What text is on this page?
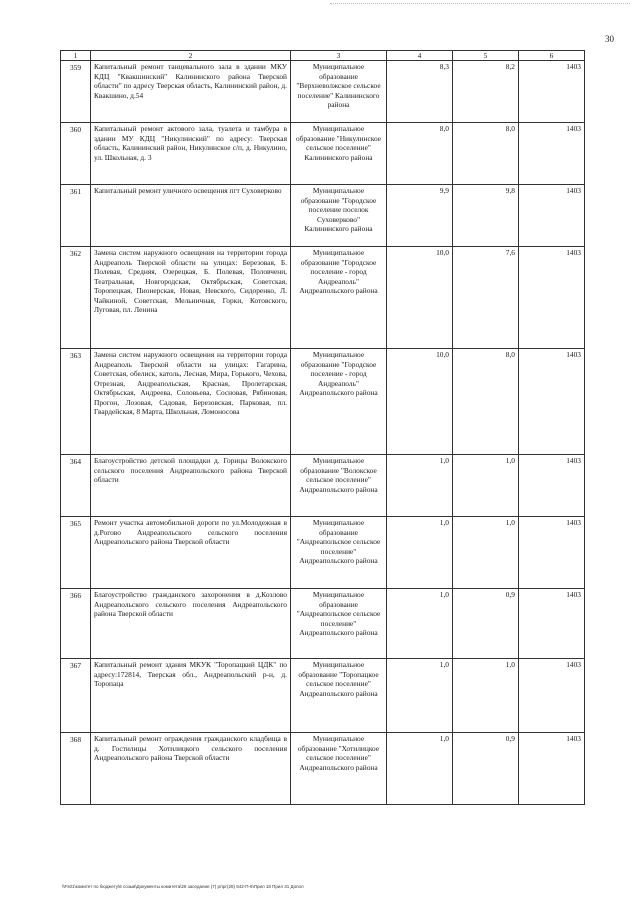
30
1	2	3	4	5	6
359	Капитальный ремонт танцевального зала в здании МКУ КДЦ "Квакшинский" Калининского района Тверской области" по адресу Тверская область, Калининский район, д. Квакшино, д.54	Муниципальное образование "Верхневолжское сельское поселение" Калининского района	8,3	8,2	1403
360	Капитальный ремонт актового зала, туалета и тамбура в здании МУ КДЦ "Никулинский" по адресу: Тверская область, Калининский район, Никулинское с/п, д. Никулино, ул. Школьная, д. 3	Муниципальное образование "Никулинское сельское поселение" Калининского района	8,0	8,0	1403
361	Капитальный ремонт уличного освещения пгт Суховерково	Муниципальное образование "Городское поселение поселок Суховерково" Калининского района	9,9	9,8	1403
362	Замена систем наружного освещения на территории города Андреаполь Тверской области на улицах: Березовая, Б. Полевая, Средняя, Озерецкая, Б. Полевая, Половчени, Театральная, Новгородская, Октябрьская, Советская, Торопецкая, Пионерская, Новая, Невского, Сидоренко, Л. Чайкиной, Советская, Мельничная, Горки, Котовского, Луговая, пл. Ленина	Муниципальное образование "Городское поселение - город Андреаполь" Андреапольского района	10,0	7,6	1403
363	Замена систем наружного освещения на территории города Андреаполь Тверской области на улицах: Гагарина, Советская, обелиск, католь, Лесная, Мира, Горького, Чехова, Отрезная, Андреапольская, Красная, Пролетарская, Октябрьская, Андреева, Соловьева, Сосновая, Рябиновая, Прогон, Лозовая, Садовая, Березовская, Парковая, пл. Гвардейская, 8 Марта, Школьная, Ломоносова	Муниципальное образование "Городское поселение - город Андреаполь" Андреапольского района	10,0	8,0	1403
364	Благоустройство детской площадки д. Горицы Волокского сельского поселения Андреапольского района Тверской области	Муниципальное образование "Волокское сельское поселение" Андреапольского района	1,0	1,0	1403
365	Ремонт участка автомобильной дороги по ул.Молодежная в д.Рогово Андреапольского сельского поселения Андреапольского района Тверской области	Муниципальное образование "Андреапольское сельское поселение" Андреапольского района	1,0	1,0	1403
366	Благоустройство гражданского захоронения в д.Козлово Андреапольского сельского поселения Андреапольского района Тверской области	Муниципальное образование "Андреапольское сельское поселение" Андреапольского района	1,0	0,9	1403
367	Капитальный ремонт здания МКУК "Торопацкий ЦДК" по адресу:172814, Тверская обл., Андреапольский р-н, д. Торопаца	Муниципальное образование "Торопацкое сельское поселение" Андреапольского района	1,0	1,0	1403
368	Капитальный ремонт ограждения гражданского кладбища в д. Гостилицы Хотилицкого сельского поселения Андреапольского района Тверской области	Муниципальное образование "Хотилицкое сельское поселение" Андреапольского района	1,0	0,9	1403
\\Fs01\комитет по бюджету\6 созыв\Документы комитета\26 заседание (7) рг\рг(28) 542-П-6\Прил 18 Прил 31 Допол
